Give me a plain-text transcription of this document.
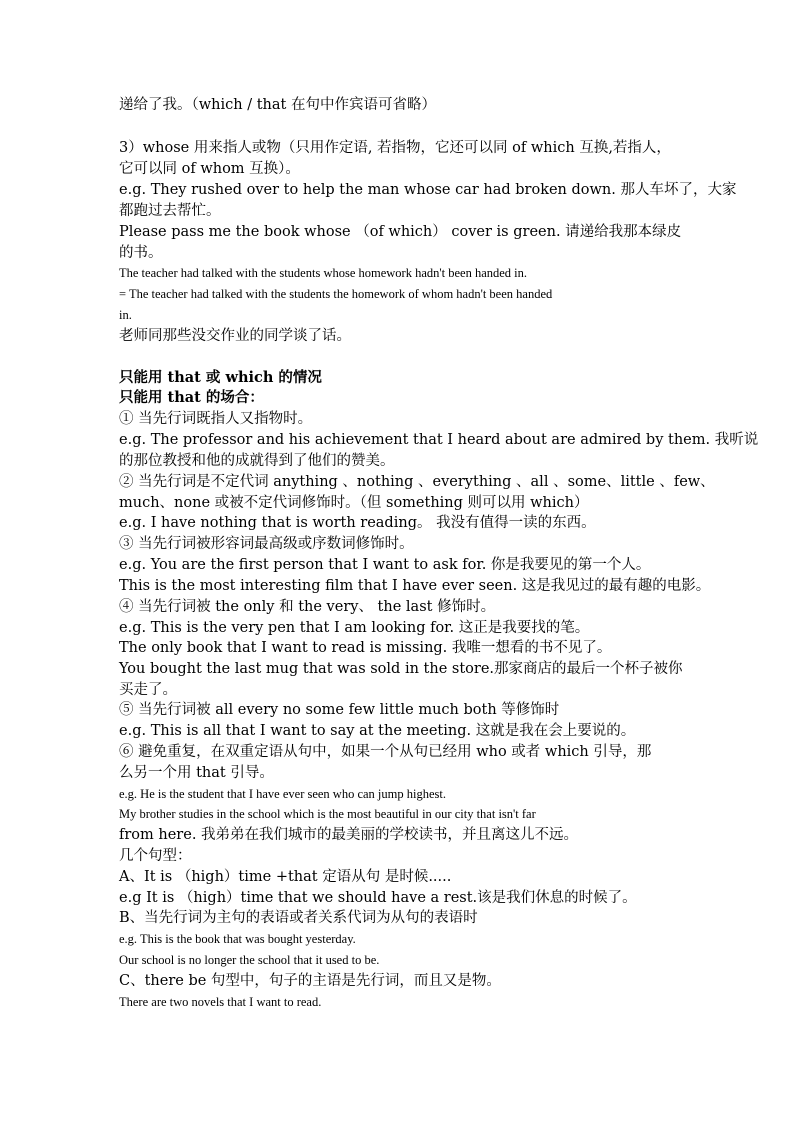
递给了我。（which / that 在句中作宾语可省略）
3）whose 用来指人或物（只用作定语, 若指物，它还可以同 of which 互换,若指人，
它可以同 of whom 互换）。
e.g. They rushed over to help the man whose car had broken down. 那人车坏了，大家
都跑过去帮忙。
Please pass me the book whose （of which） cover is green. 请递给我那本绿皮
的书。
The teacher had talked with the students whose homework hadn't been handed in.
= The teacher had talked with the students the homework of whom hadn't been handed
in.
老师同那些没交作业的同学谈了话。
只能用 that 或 which 的情况
只能用 that 的场合：
① 当先行词既指人又指物时。
e.g. The professor and his achievement that I heard about are admired by them. 我听说
的那位教授和他的成就得到了他们的赞美。
② 当先行词是不定代词 anything 、nothing 、everything 、all 、some、little 、few、
much、none 或被不定代词修饰时。（但 something 则可以用 which）
e.g. I have nothing that is worth reading。 我没有值得一读的东西。
③ 当先行词被形容词最高级或序数词修饰时。
e.g. You are the first person that I want to ask for. 你是我要见的第一个人。
This is the most interesting film that I have ever seen. 这是我见过的最有趣的电影。
④ 当先行词被 the only 和 the very、 the last 修饰时。
e.g. This is the very pen that I am looking for. 这正是我要找的笔。
The only book that I want to read is missing. 我唯一想看的书不见了。
You bought the last mug that was sold in the store.那家商店的最后一个杯子被你
买走了。
⑤ 当先行词被 all every no some few little much both 等修饰时
e.g. This is all that I want to say at the meeting. 这就是我在会上要说的。
⑥ 避免重复，在双重定语从句中，如果一个从句已经用 who 或者 which 引导，那
么另一个用 that 引导。
e.g. He is the student that I have ever seen who can jump highest.
My brother studies in the school which is the most beautiful in our city that isn't far
from here. 我弟弟在我们城市的最美丽的学校读书，并且离这儿不远。
几个句型：
A、It is （high）time +that 定语从句 是时候.....
e.g It is （high）time that we should have a rest.该是我们休息的时候了。
B、当先行词为主句的表语或者关系代词为从句的表语时
e.g. This is the book that was bought yesterday.
Our school is no longer the school that it used to be.
C、there be 句型中，句子的主语是先行词，而且又是物。
There are two novels that I want to read.
